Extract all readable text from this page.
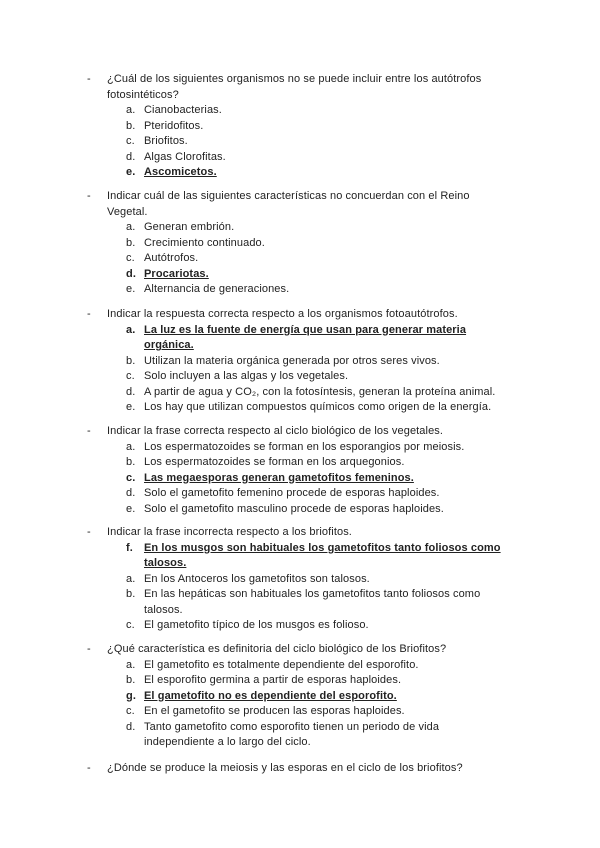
- ¿Cuál de los siguientes organismos no se puede incluir entre los autótrofos fotosintéticos?
a. Cianobacterias.
b. Pteridofitos.
c. Briofitos.
d. Algas Clorofitas.
e. Ascomicetos.
- Indicar cuál de las siguientes características no concuerdan con el Reino Vegetal.
a. Generan embrión.
b. Crecimiento continuado.
c. Autótrofos.
d. Procariotas.
e. Alternancia de generaciones.
- Indicar la respuesta correcta respecto a los organismos fotoautótrofos.
a. La luz es la fuente de energía que usan para generar materia orgánica.
b. Utilizan la materia orgánica generada por otros seres vivos.
c. Solo incluyen a las algas y los vegetales.
d. A partir de agua y CO₂, con la fotosíntesis, generan la proteína animal.
e. Los hay que utilizan compuestos químicos como origen de la energía.
- Indicar la frase correcta respecto al ciclo biológico de los vegetales.
a. Los espermatozoides se forman en los esporangios por meiosis.
b. Los espermatozoides se forman en los arquegonios.
c. Las megaesporas generan gametofitos femeninos.
d. Solo el gametofito femenino procede de esporas haploides.
e. Solo el gametofito masculino procede de esporas haploides.
- Indicar la frase incorrecta respecto a los briofitos.
f.	En los musgos son habituales los gametofitos tanto foliosos como talosos.
a. En los Antoceros los gametofitos son talosos.
b. En las hepáticas son habituales los gametofitos tanto foliosos como talosos.
c. El gametofito típico de los musgos es folioso.
- ¿Qué característica es definitoria del ciclo biológico de los Briofitos?
a. El gametofito es totalmente dependiente del esporofito.
b. El esporofito germina a partir de esporas haploides.
g. El gametofito no es dependiente del esporofito.
c. En el gametofito se producen las esporas haploides.
d. Tanto gametofito como esporofito tienen un periodo de vida independiente a lo largo del ciclo.
- ¿Dónde se produce la meiosis y las esporas en el ciclo de los briofitos?
